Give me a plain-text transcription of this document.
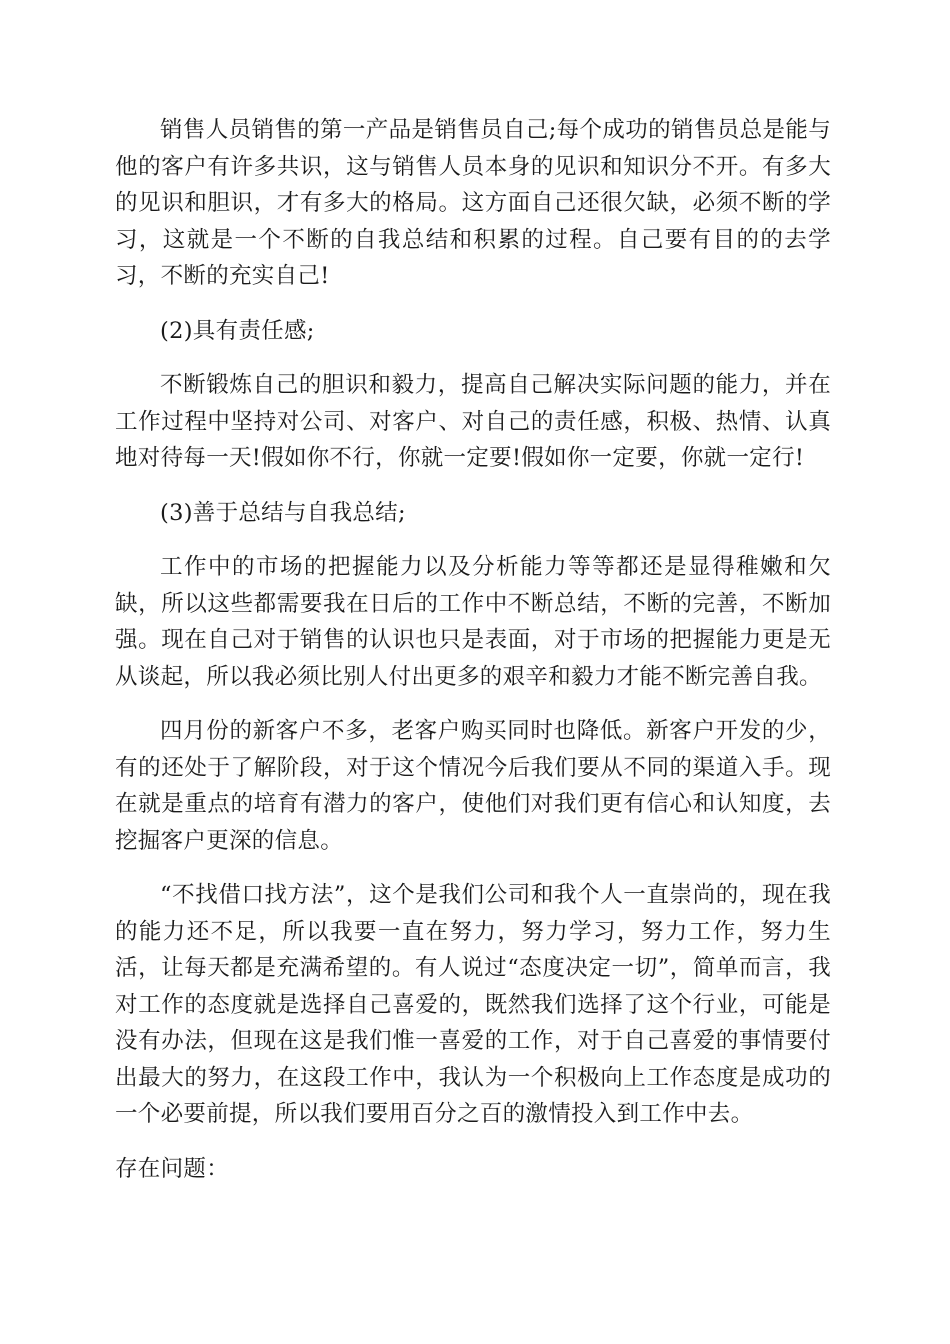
销售人员销售的第一产品是销售员自己;每个成功的销售员总是能与他的客户有许多共识，这与销售人员本身的见识和知识分不开。有多大的见识和胆识，才有多大的格局。这方面自己还很欠缺，必须不断的学习，这就是一个不断的自我总结和积累的过程。自己要有目的的去学习，不断的充实自己!

(2)具有责任感;

不断锻炼自己的胆识和毅力，提高自己解决实际问题的能力，并在工作过程中坚持对公司、对客户、对自己的责任感，积极、热情、认真地对待每一天!假如你不行，你就一定要!假如你一定要，你就一定行!

(3)善于总结与自我总结;

工作中的市场的把握能力以及分析能力等等都还是显得稚嫩和欠缺，所以这些都需要我在日后的工作中不断总结，不断的完善，不断加强。现在自己对于销售的认识也只是表面，对于市场的把握能力更是无从谈起，所以我必须比别人付出更多的艰辛和毅力才能不断完善自我。

四月份的新客户不多，老客户购买同时也降低。新客户开发的少，有的还处于了解阶段，对于这个情况今后我们要从不同的渠道入手。现在就是重点的培育有潜力的客户，使他们对我们更有信心和认知度，去挖掘客户更深的信息。

“不找借口找方法”，这个是我们公司和我个人一直崇尚的，现在我的能力还不足，所以我要一直在努力，努力学习，努力工作，努力生活，让每天都是充满希望的。有人说过“态度决定一切”，简单而言，我对工作的态度就是选择自己喜爱的，既然我们选择了这个行业，可能是没有办法，但现在这是我们惟一喜爱的工作，对于自己喜爱的事情要付出最大的努力，在这段工作中，我认为一个积极向上工作态度是成功的一个必要前提，所以我们要用百分之百的激情投入到工作中去。

存在问题：
